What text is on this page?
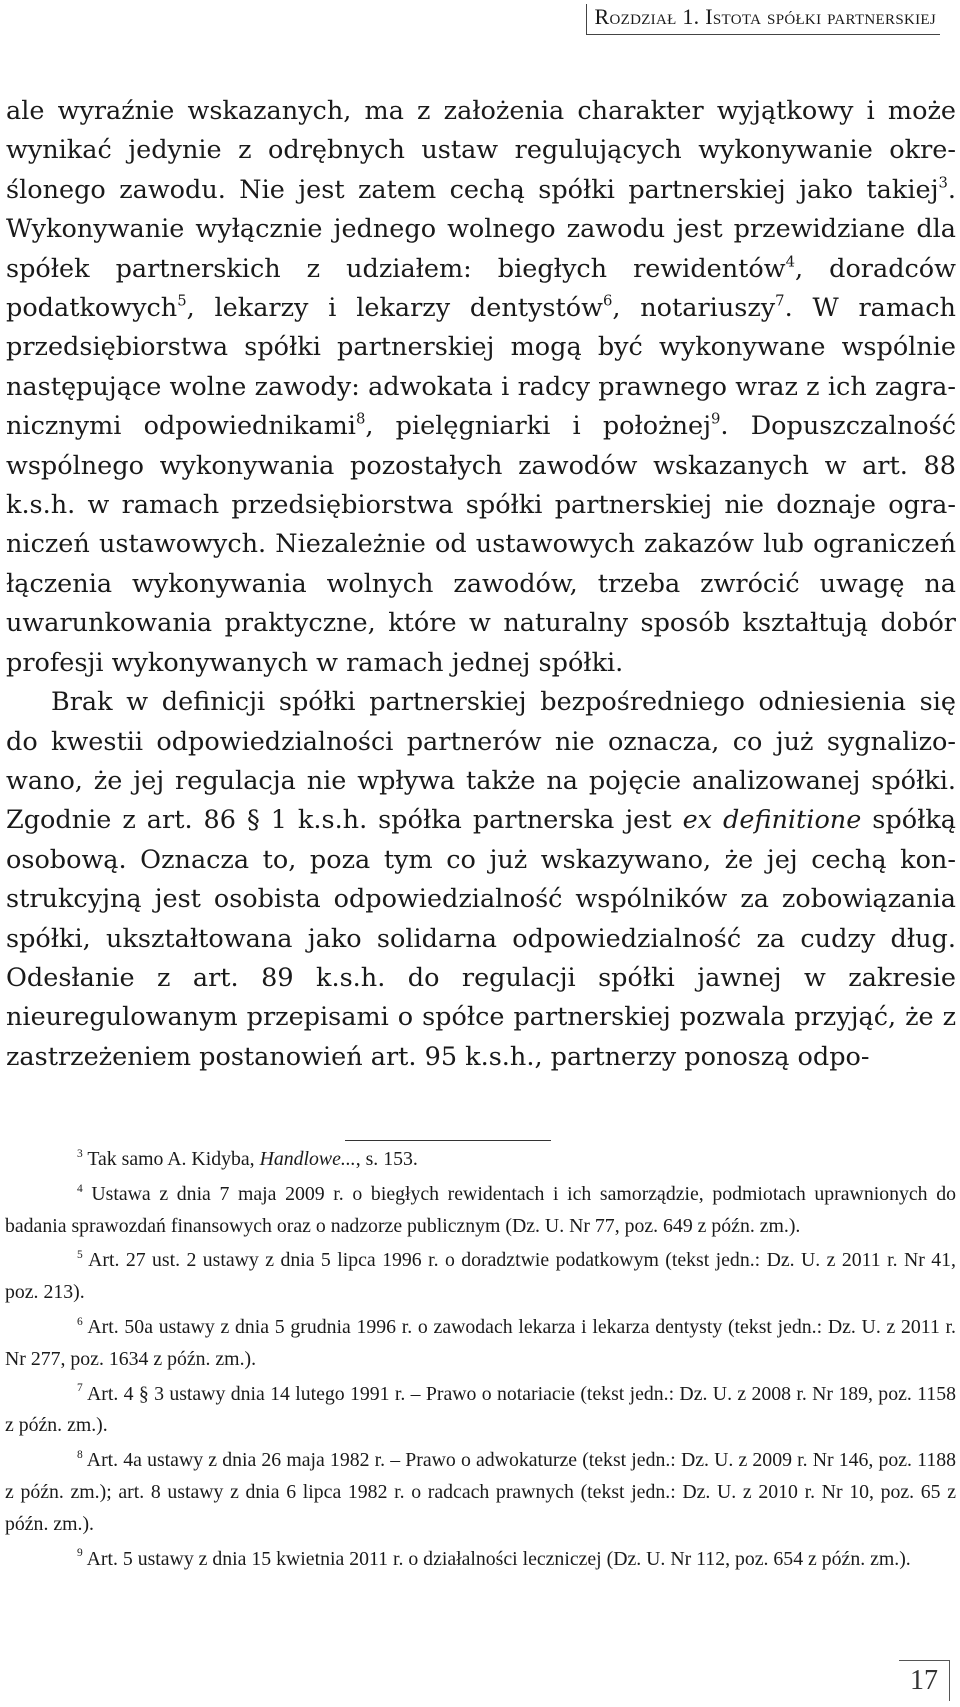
Rozdział 1. Istota spółki partnerskiej

ale wyraźnie wskazanych, ma z założenia charakter wyjątkowy i może wynikać jedynie z odrębnych ustaw regulujących wykonywanie określonego zawodu. Nie jest zatem cechą spółki partnerskiej jako takiej$^3$. Wykonywanie wyłącznie jednego wolnego zawodu jest przewidziane dla spółek partnerskich z udziałem: biegłych rewidentów$^4$, doradców podatkowych$^5$, lekarzy i lekarzy dentystów$^6$, notariuszy$^7$. W ramach przedsiębiorstwa spółki partnerskiej mogą być wykonywane wspólnie następujące wolne zawody: adwokata i radcy prawnego wraz z ich zagranicznymi odpowiednikami$^8$, pielęgniarki i położnej$^9$. Dopuszczalność wspólnego wykonywania pozostałych zawodów wskazanych w art. 88 k.s.h. w ramach przedsiębiorstwa spółki partnerskiej nie doznaje ograniczeń ustawowych. Niezależnie od ustawowych zakazów lub ograniczeń łączenia wykonywania wolnych zawodów, trzeba zwrócić uwagę na uwarunkowania praktyczne, które w naturalny sposób kształtują dobór profesji wykonywanych w ramach jednej spółki.

Brak w definicji spółki partnerskiej bezpośredniego odniesienia się do kwestii odpowiedzialności partnerów nie oznacza, co już sygnalizowano, że jej regulacja nie wpływa także na pojęcie analizowanej spółki. Zgodnie z art. 86 § 1 k.s.h. spółka partnerska jest ex definitione spółką osobową. Oznacza to, poza tym co już wskazywano, że jej cechą konstrukcyjną jest osobista odpowiedzialność wspólników za zobowiązania spółki, ukształtowana jako solidarna odpowiedzialność za cudzy dług. Odesłanie z art. 89 k.s.h. do regulacji spółki jawnej w zakresie nieuregulowanym przepisami o spółce partnerskiej pozwala przyjąć, że z zastrzeżeniem postanowień art. 95 k.s.h., partnerzy ponoszą odpo-

$^3$ Tak samo A. Kidyba, Handlowe..., s. 153.

$^4$ Ustawa z dnia 7 maja 2009 r. o biegłych rewidentach i ich samorządzie, podmiotach uprawnionych do badania sprawozdań finansowych oraz o nadzorze publicznym (Dz. U. Nr 77, poz. 649 z późn. zm.).

$^5$ Art. 27 ust. 2 ustawy z dnia 5 lipca 1996 r. o doradztwie podatkowym (tekst jedn.: Dz. U. z 2011 r. Nr 41, poz. 213).

$^6$ Art. 50a ustawy z dnia 5 grudnia 1996 r. o zawodach lekarza i lekarza dentysty (tekst jedn.: Dz. U. z 2011 r. Nr 277, poz. 1634 z późn. zm.).

$^7$ Art. 4 § 3 ustawy dnia 14 lutego 1991 r. – Prawo o notariacie (tekst jedn.: Dz. U. z 2008 r. Nr 189, poz. 1158 z późn. zm.).

$^8$ Art. 4a ustawy z dnia 26 maja 1982 r. – Prawo o adwokaturze (tekst jedn.: Dz. U. z 2009 r. Nr 146, poz. 1188 z późn. zm.); art. 8 ustawy z dnia 6 lipca 1982 r. o radcach prawnych (tekst jedn.: Dz. U. z 2010 r. Nr 10, poz. 65 z późn. zm.).

$^9$ Art. 5 ustawy z dnia 15 kwietnia 2011 r. o działalności leczniczej (Dz. U. Nr 112, poz. 654 z późn. zm.).

17
